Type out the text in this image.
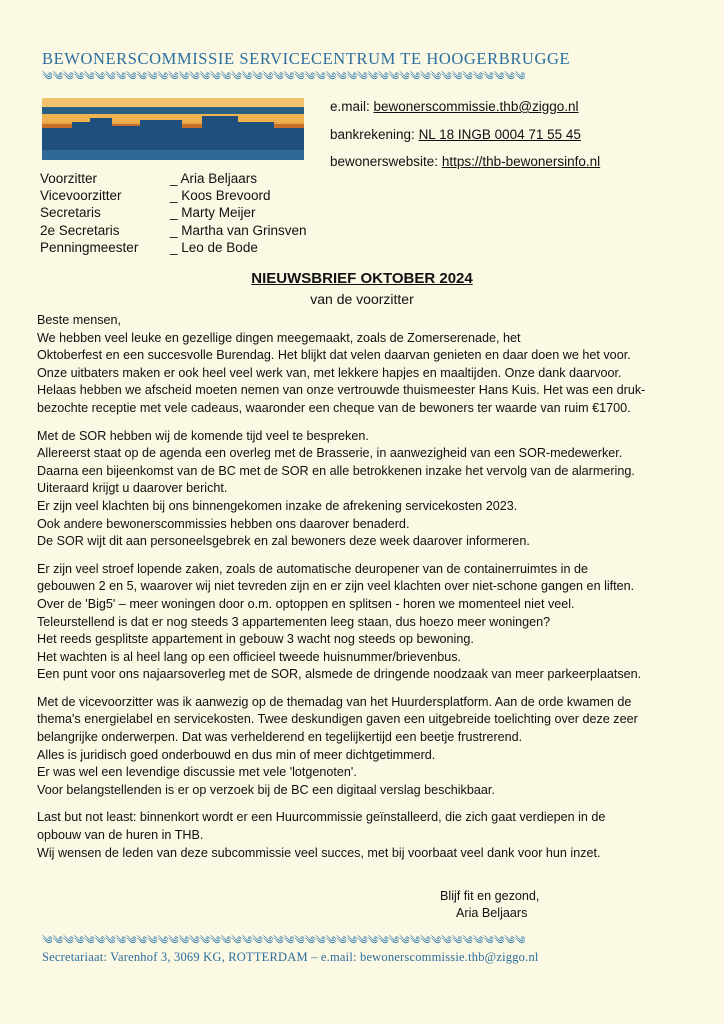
BEWONERSCOMMISSIE SERVICECENTRUM TE HOOGERBRUGGE
༄༄༄༄༄༄༄༄༄༄༄༄༄༄༄༄༄༄༄༄༄༄༄༄༄༄༄༄༄༄༄༄༄༄༄༄༄༄༄༄༄༄༄༄༄༄
e.mail: bewonerscommissie.thb@ziggo.nl
bankrekening: NL 18 INGB 0004 71 55 45
bewonerswebsite: https://thb-bewonersinfo.nl
Voorzitter
Vicevoorzitter
Secretaris
2e Secretaris
Penningmeester
_ Aria Beljaars
_ Koos Brevoord
_ Marty Meijer
_ Martha van Grinsven
_ Leo de Bode
NIEUWSBRIEF OKTOBER 2024
van de voorzitter

Beste mensen,
We hebben veel leuke en gezellige dingen meegemaakt, zoals de Zomerserenade, het
Oktoberfest en een succesvolle Burendag. Het blijkt dat velen daarvan genieten en daar doen we het voor.
Onze uitbaters maken er ook heel veel werk van, met lekkere hapjes en maaltijden. Onze dank daarvoor.
Helaas hebben we afscheid moeten nemen van onze vertrouwde thuismeester Hans Kuis. Het was een druk-
bezochte receptie met vele cadeaus, waaronder een cheque van de bewoners ter waarde van ruim €1700.

Met de SOR hebben wij de komende tijd veel te bespreken.
Allereerst staat op de agenda een overleg met de Brasserie, in aanwezigheid van een SOR-medewerker.
Daarna een bijeenkomst van de BC met de SOR en alle betrokkenen inzake het vervolg van de alarmering.
Uiteraard krijgt u daarover bericht.
Er zijn veel klachten bij ons binnengekomen inzake de afrekening servicekosten 2023.
Ook andere bewonerscommissies hebben ons daarover benaderd.
De SOR wijt dit aan personeelsgebrek en zal bewoners deze week daarover informeren.

Er zijn veel stroef lopende zaken, zoals de automatische deuropener van de containerruimtes in de
gebouwen 2 en 5, waarover wij niet tevreden zijn en er zijn veel klachten over niet-schone gangen en liften.
Over de 'Big5' – meer woningen door o.m. optoppen en splitsen - horen we momenteel niet veel.
Teleurstellend is dat er nog steeds 3 appartementen leeg staan, dus hoezo meer woningen?
Het reeds gesplitste appartement in gebouw 3 wacht nog steeds op bewoning.
Het wachten is al heel lang op een officieel tweede huisnummer/brievenbus.
Een punt voor ons najaarsoverleg met de SOR, alsmede de dringende noodzaak van meer parkeerplaatsen.

Met de vicevoorzitter was ik aanwezig op de themadag van het Huurdersplatform. Aan de orde kwamen de
thema's energielabel en servicekosten. Twee deskundigen gaven een uitgebreide toelichting over deze zeer
belangrijke onderwerpen. Dat was verhelderend en tegelijkertijd een beetje frustrerend.
Alles is juridisch goed onderbouwd en dus min of meer dichtgetimmerd.
Er was wel een levendige discussie met vele 'lotgenoten'.
Voor belangstellenden is er op verzoek bij de BC een digitaal verslag beschikbaar.

Last but not least: binnenkort wordt er een Huurcommissie geïnstalleerd, die zich gaat verdiepen in de
opbouw van de huren in THB.
Wij wensen de leden van deze subcommissie veel succes, met bij voorbaat veel dank voor hun inzet.

Blijf fit en gezond,
Aria Beljaars
༄༄༄༄༄༄༄༄༄༄༄༄༄༄༄༄༄༄༄༄༄༄༄༄༄༄༄༄༄༄༄༄༄༄༄༄༄༄༄༄༄༄༄༄༄༄
Secretariaat: Varenhof 3, 3069 KG, ROTTERDAM – e.mail: bewonerscommissie.thb@ziggo.nl
